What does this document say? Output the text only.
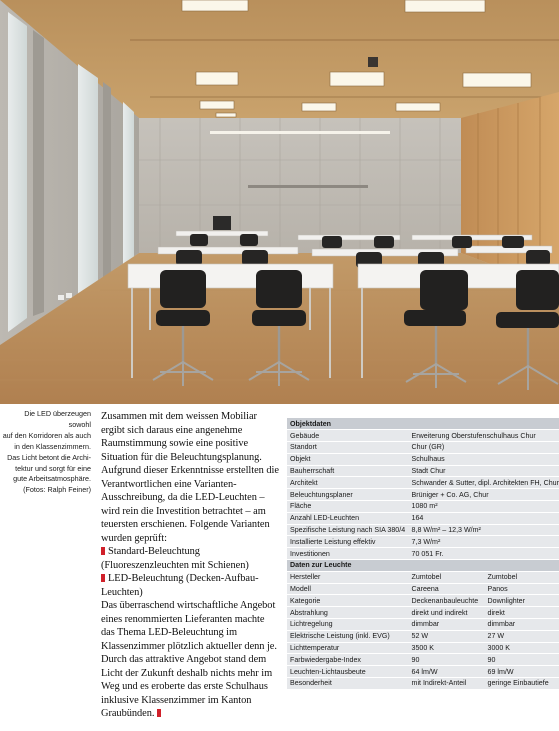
Die LED überzeugen sowohl
auf den Korridoren als auch
in den Klassenzimmern.
Das Licht betont die Archi-
tektur und sorgt für eine
gute Arbeitsatmosphäre.
(Fotos: Ralph Feiner)

Zusammen mit dem weissen Mobiliar ergibt sich daraus eine angenehme Raumstimmung sowie eine positive Situation für die Beleuchtungsplanung. Aufgrund dieser Erkenntnisse erstellten die Verantwortlichen eine Varianten-Ausschreibung, da die LED-Leuchten – wird rein die Investition betrachtet – am teuersten erschienen. Folgende Varianten wurden geprüft:

Standard-Beleuchtung (Fluoreszenzleuchten mit Schienen)
LED-Beleuchtung (Decken-Aufbau-Leuchten)

Das überraschend wirtschaftliche Angebot eines renommierten Lieferanten machte das Thema LED-Beleuchtung im Klassenzimmer plötzlich aktueller denn je. Durch das attraktive Angebot stand dem Licht der Zukunft deshalb nichts mehr im Weg und es eroberte das erste Schulhaus inklusive Klassenzimmer im Kanton Graubünden.

Objektdaten		
Gebäude	Erweiterung Oberstufenschulhaus Chur	
Standort	Chur (GR)	
Objekt	Schulhaus	
Bauherrschaft	Stadt Chur	
Architekt	Schwander & Sutter, dipl. Architekten FH, Chur	
Beleuchtungsplaner	Brüniger + Co. AG, Chur	
Fläche	1080 m²	
Anzahl LED-Leuchten	164	
Spezifische Leistung nach SIA 380/4	8,8 W/m² – 12,3 W/m²	
Installierte Leistung effektiv	7,3 W/m²	
Investitionen	70 051 Fr.	
Daten zur Leuchte		
Hersteller	Zumtobel	Zumtobel
Modell	Careena	Panos
Kategorie	Deckenanbauleuchte	Downlighter
Abstrahlung	direkt und indirekt	direkt
Lichtregelung	dimmbar	dimmbar
Elektrische Leistung (inkl. EVG)	52 W	27 W
Lichttemperatur	3500 K	3000 K
Farbwiedergabe-Index	90	90
Leuchten-Lichtausbeute	64 lm/W	69 lm/W
Besonderheit	mit Indirekt-Anteil	geringe Einbautiefe
